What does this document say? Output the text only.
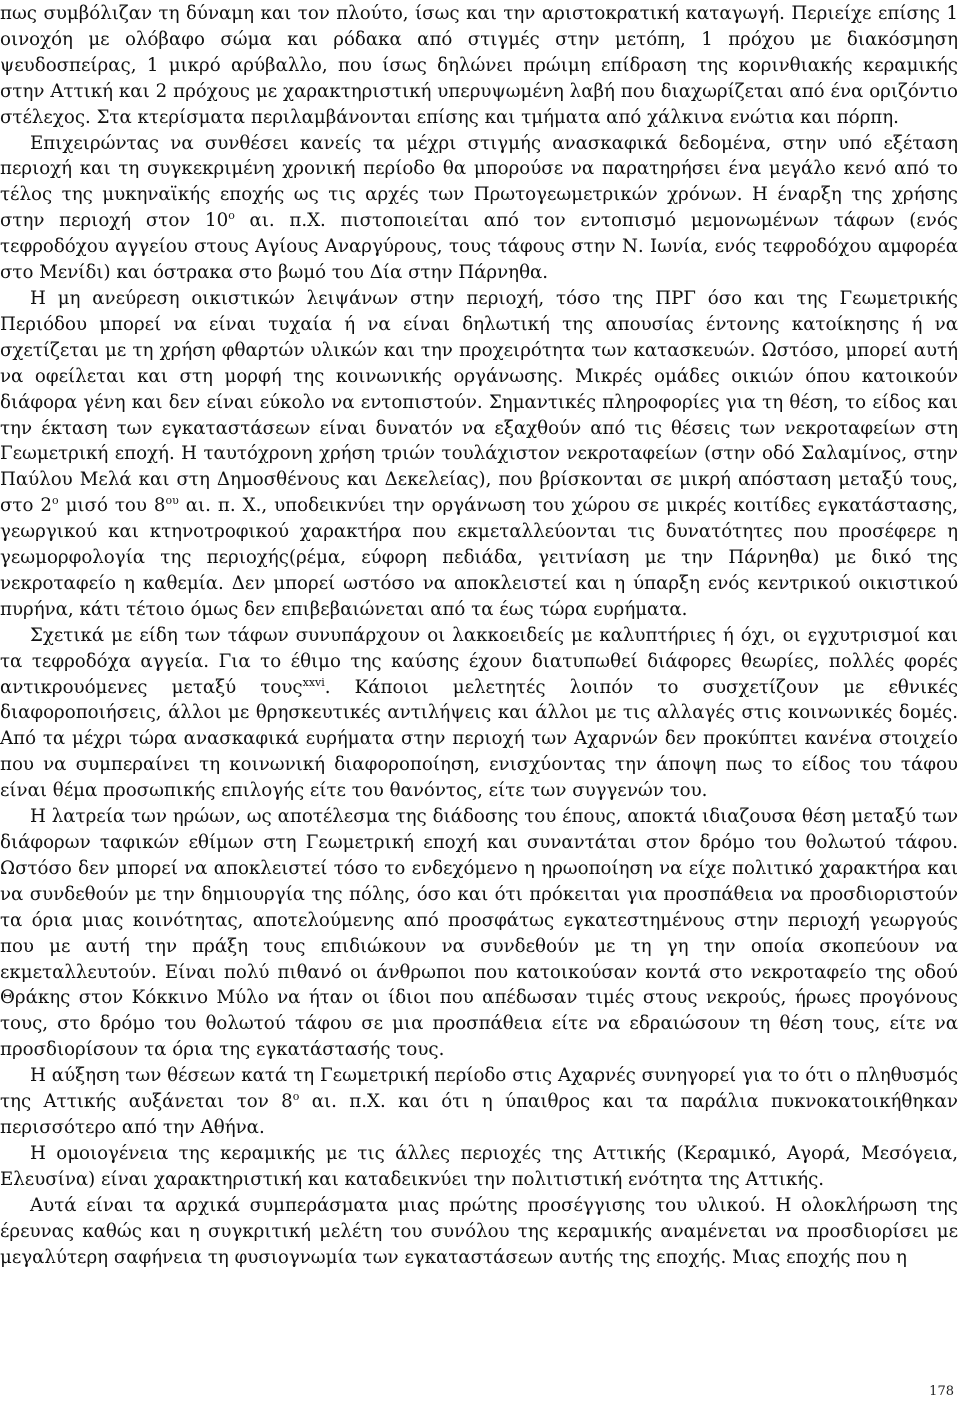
πως συμβόλιζαν τη δύναμη και τον πλούτο, ίσως και την αριστοκρατική καταγωγή. Περιείχε επίσης 1 οινοχόη με ολόβαφο σώμα και ρόδακα από στιγμές στην μετόπη, 1 πρόχου με διακόσμηση ψευδοσπείρας, 1 μικρό αρύβαλλο, που ίσως δηλώνει πρώιμη επίδραση της κορινθιακής κεραμικής στην Αττική και 2 πρόχους με χαρακτηριστική υπερυψωμένη λαβή που διαχωρίζεται από ένα οριζόντιο στέλεχος. Στα κτερίσματα περιλαμβάνονται επίσης και τμήματα από χάλκινα ενώτια και πόρπη.

Επιχειρώντας να συνθέσει κανείς τα μέχρι στιγμής ανασκαφικά δεδομένα, στην υπό εξέταση περιοχή και τη συγκεκριμένη χρονική περίοδο θα μπορούσε να παρατηρήσει ένα μεγάλο κενό από το τέλος της μυκηναϊκής εποχής ως τις αρχές των Πρωτογεωμετρικών χρόνων. Η έναρξη της χρήσης στην περιοχή στον $10^o$ αι. π.Χ. πιστοποιείται από τον εντοπισμό μεμονωμένων τάφων (ενός τεφροδόχου αγγείου στους Αγίους Αναργύρους, τους τάφους στην Ν. Ιωνία, ενός τεφροδόχου αμφορέα στο Μενίδι) και όστρακα στο βωμό του Δία στην Πάρνηθα.

Η μη ανεύρεση οικιστικών λειψάνων στην περιοχή, τόσο της ΠΡΓ όσο και της Γεωμετρικής Περιόδου μπορεί να είναι τυχαία ή να είναι δηλωτική της απουσίας έντονης κατοίκησης ή να σχετίζεται με τη χρήση φθαρτών υλικών και την προχειρότητα των κατασκευών. Ωστόσο, μπορεί αυτή να οφείλεται και στη μορφή της κοινωνικής οργάνωσης. Μικρές ομάδες οικιών όπου κατοικούν διάφορα γένη και δεν είναι εύκολο να εντοπιστούν. Σημαντικές πληροφορίες για τη θέση, το είδος και την έκταση των εγκαταστάσεων είναι δυνατόν να εξαχθούν από τις θέσεις των νεκροταφείων στη Γεωμετρική εποχή. Η ταυτόχρονη χρήση τριών τουλάχιστον νεκροταφείων (στην οδό Σαλαμίνος, στην Παύλου Μελά και στη Δημοσθένους και Δεκελείας), που βρίσκονται σε μικρή απόσταση μεταξύ τους, στο $2^o$ μισό του $8^{o\upsilon}$ αι. π. Χ., υποδεικνύει την οργάνωση του χώρου σε μικρές κοιτίδες εγκατάστασης, γεωργικού και κτηνοτροφικού χαρακτήρα που εκμεταλλεύονται τις δυνατότητες που προσέφερε η γεωμορφολογία της περιοχής(ρέμα, εύφορη πεδιάδα, γειτνίαση με την Πάρνηθα) με δικό της νεκροταφείο η καθεμία. Δεν μπορεί ωστόσο να αποκλειστεί και η ύπαρξη ενός κεντρικού οικιστικού πυρήνα, κάτι τέτοιο όμως δεν επιβεβαιώνεται από τα έως τώρα ευρήματα.

Σχετικά με είδη των τάφων συνυπάρχουν οι λακκοειδείς με καλυπτήριες ή όχι, οι εγχυτρισμοί και τα τεφροδόχα αγγεία. Για το έθιμο της καύσης έχουν διατυπωθεί διάφορες θεωρίες, πολλές φορές αντικρουόμενες μεταξύ τους$^{xxvi}$. Κάποιοι μελετητές λοιπόν το συσχετίζουν με εθνικές διαφοροποιήσεις, άλλοι με θρησκευτικές αντιλήψεις και άλλοι με τις αλλαγές στις κοινωνικές δομές. Από τα μέχρι τώρα ανασκαφικά ευρήματα στην περιοχή των Αχαρνών δεν προκύπτει κανένα στοιχείο που να συμπεραίνει τη κοινωνική διαφοροποίηση, ενισχύοντας την άποψη πως το είδος του τάφου είναι θέμα προσωπικής επιλογής είτε του θανόντος, είτε των συγγενών του.

Η λατρεία των ηρώων, ως αποτέλεσμα της διάδοσης του έπους, αποκτά ιδιαζουσα θέση μεταξύ των διάφορων ταφικών εθίμων στη Γεωμετρική εποχή και συναντάται στον δρόμο του θολωτού τάφου. Ωστόσο δεν μπορεί να αποκλειστεί τόσο το ενδεχόμενο η ηρωοποίηση να είχε πολιτικό χαρακτήρα και να συνδεθούν με την δημιουργία της πόλης, όσο και ότι πρόκειται για προσπάθεια να προσδιοριστούν τα όρια μιας κοινότητας, αποτελούμενης από προσφάτως εγκατεστημένους στην περιοχή γεωργούς που με αυτή την πράξη τους επιδιώκουν να συνδεθούν με τη γη την οποία σκοπεύουν να εκμεταλλευτούν. Είναι πολύ πιθανό οι άνθρωποι που κατοικούσαν κοντά στο νεκροταφείο της οδού Θράκης στον Κόκκινο Μύλο να ήταν οι ίδιοι που απέδωσαν τιμές στους νεκρούς, ήρωες προγόνους τους, στο δρόμο του θολωτού τάφου σε μια προσπάθεια είτε να εδραιώσουν τη θέση τους, είτε να προσδιορίσουν τα όρια της εγκατάστασής τους.

Η αύξηση των θέσεων κατά τη Γεωμετρική περίοδο στις Αχαρνές συνηγορεί για το ότι ο πληθυσμός της Αττικής αυξάνεται τον $8^o$ αι. π.Χ. και ότι η ύπαιθρος και τα παράλια πυκνοκατοικήθηκαν περισσότερο από την Αθήνα.

Η ομοιογένεια της κεραμικής με τις άλλες περιοχές της Αττικής (Κεραμικό, Αγορά, Μεσόγεια, Ελευσίνα) είναι χαρακτηριστική και καταδεικνύει την πολιτιστική ενότητα της Αττικής.

Αυτά είναι τα αρχικά συμπεράσματα μιας πρώτης προσέγγισης του υλικού. Η ολοκλήρωση της έρευνας καθώς και η συγκριτική μελέτη του συνόλου της κεραμικής αναμένεται να προσδιορίσει με μεγαλύτερη σαφήνεια τη φυσιογνωμία των εγκαταστάσεων αυτής της εποχής. Μιας εποχής που η

178
